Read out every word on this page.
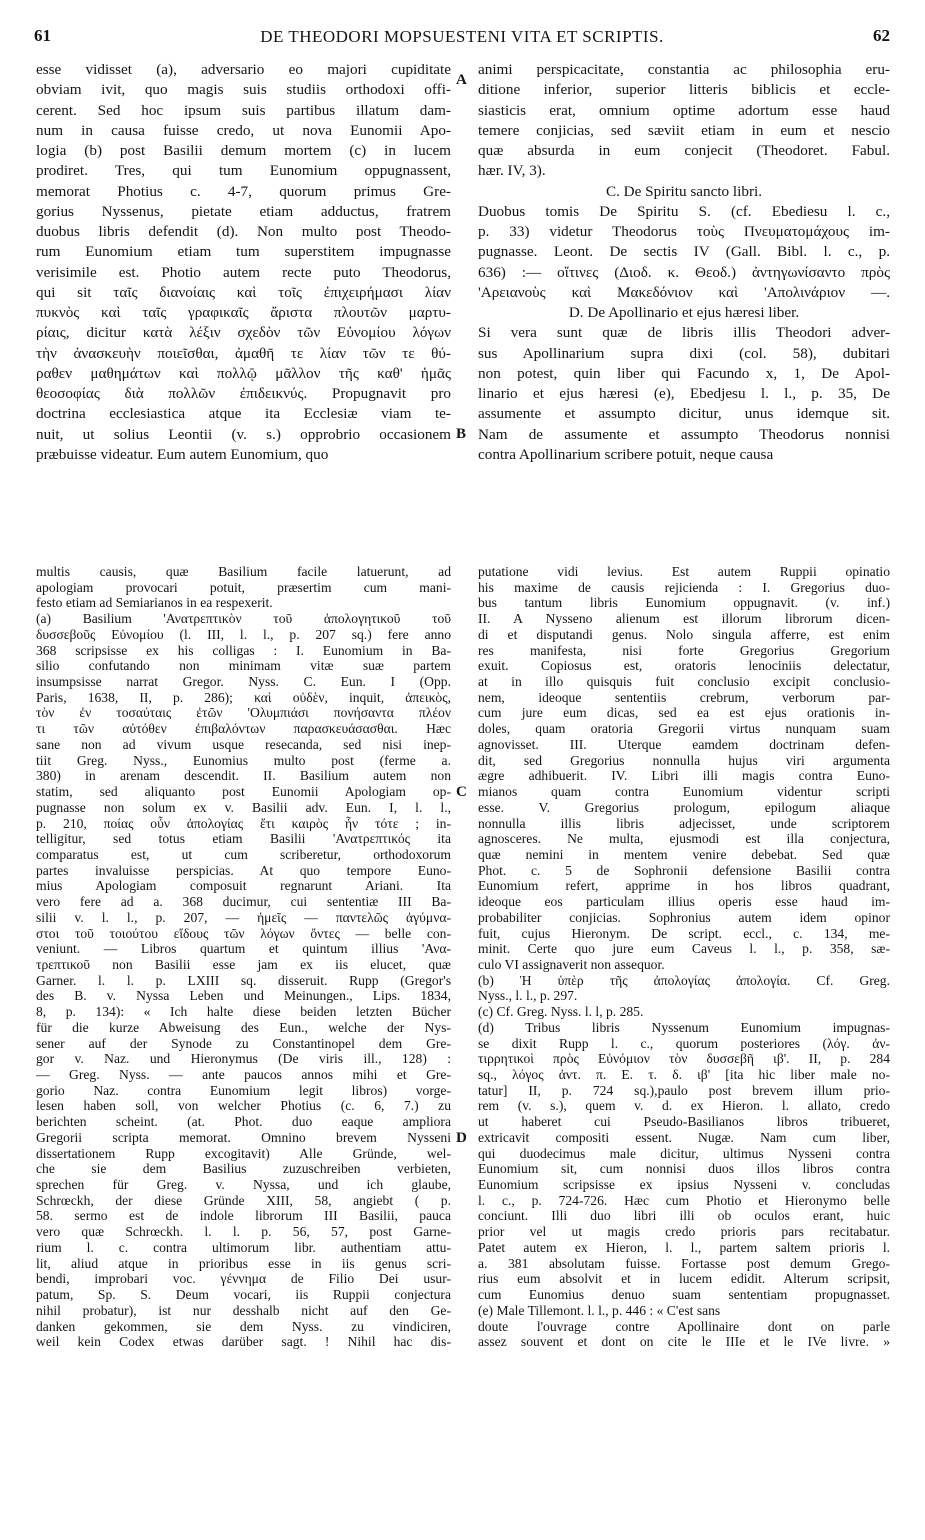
61	DE THEODORI MOPSUESTENI VITA ET SCRIPTIS.	62
esse vidisset (a), adversario eo majori cupiditate
obviam ivit, quo magis suis studiis orthodoxi offi-
cerent. Sed hoc ipsum suis partibus illatum dam-
num in causa fuisse credo, ut nova Eunomii Apo-
logia (b) post Basilii demum mortem (c) in lucem
prodiret. Tres, qui tum Eunomium oppugnassent,
memorat Photius c. 4-7, quorum primus Gre-
gorius Nyssenus, pietate etiam adductus, fratrem
duobus libris defendit (d). Non multo post Theodo-
rum Eunomium etiam tum superstitem impugnasse
verisimile est. Photio autem recte puto Theodorus,
qui sit ταῖς διανοίαις καὶ τοῖς ἐπιχειρήμασι λίαν
πυκνὸς καὶ ταῖς γραφικαῖς ἄριστα πλουτῶν μαρτυ-
ρίαις, dicitur κατὰ λέξιν σχεδὸν τῶν Εὐνομίου λόγων
τὴν ἀνασκευὴν ποιεῖσθαι, ἀμαθῆ τε λίαν τῶν τε θύ-
ραθεν μαθημάτων καὶ πολλῷ μᾶλλον τῆς καθ' ἡμᾶς
θεοσοφίας διὰ πολλῶν ἐπιδεικνύς. Propugnavit pro
doctrina ecclesiastica atque ita Ecclesiæ viam te-
nuit, ut solius Leontii (v. s.) opprobrio occasionem
præbuisse videatur. Eum autem Eunomium, quo
animi perspicacitate, constantia ac philosophia eru-
ditione inferior, superior litteris biblicis et eccle-
siasticis erat, omnium optime adortum esse haud
temere conjicias, sed sæviit etiam in eum et nescio
quæ absurda in eum conjecit (Theodoret. Fabul.
hær. IV, 3).
C. De Spiritu sancto libri.
Duobus tomis De Spiritu S. (cf. Ebediesu l. c.,
p. 33) videtur Theodorus τοὺς Πνευματομάχους im-
pugnasse. Leont. De sectis IV (Gall. Bibl. l. c., p.
636) :— οἵτινες (Διοδ. κ. Θεοδ.) ἀντηγωνίσαντο πρὸς
'Αρειανοὺς καὶ Μακεδόνιον καὶ 'Απολινάριον —.
D. De Apollinario et ejus hæresi liber.
Si vera sunt quæ de libris illis Theodori adver-
sus Apollinarium supra dixi (col. 58), dubitari
non potest, quin liber qui Facundo x, 1, De Apol-
linario et ejus hæresi (e), Ebedjesu l. l., p. 35, De
assumente et assumpto dicitur, unus idemque sit.
Nam de assumente et assumpto Theodorus nonnisi
contra Apollinarium scribere potuit, neque causa
multis causis, quæ Basilium facile latuerunt, ad
apologiam provocari potuit, præsertim cum mani-
festo etiam ad Semiarianos in ea respexerit.
(a) Basilium 'Ανατρεπτικὸν τοῦ ἀπολογητικοῦ τοῦ
δυσσεβοῦς Εὐνομίου (l. III, l. l., p. 207 sq.) fere anno
368 scripsisse ex his colligas : I. Eunomium in Ba-
silio confutando non minimam vitæ suæ partem
insumpsisse narrat Gregor. Nyss. C. Eun. I (Opp.
Paris, 1638, II, p. 286); καὶ οὐδὲν, inquit, ἀπεικὸς,
τὸν ἐν τοσαύταις ἐτῶν 'Ολυμπιάσι πονήσαντα πλέον
τι τῶν αὐτόθεν ἐπιβαλόντων παρασκευάσασθαι. Hæc
sane non ad vivum usque resecanda, sed nisi inep-
tiit Greg. Nyss., Eunomius multo post (ferme a.
380) in arenam descendit. II. Basilium autem non
statim, sed aliquanto post Eunomii Apologiam op-
pugnasse non solum ex v. Basilii adv. Eun. I, l. l.,
p. 210, ποίας οὖν ἀπολογίας ἔτι καιρὸς ἦν τότε ; in-
telligitur, sed totus etiam Basilii 'Ανατρεπτικός ita
comparatus est, ut cum scriberetur, orthodoxorum
partes invaluisse perspicias. At quo tempore Euno-
mius Apologiam composuit regnarunt Ariani. Ita
vero fere ad a. 368 ducimur, cui sententiæ III Ba-
silii v. l. l., p. 207, — ἡμεῖς — παντελῶς ἀγύμνα-
στοι τοῦ τοιούτου εἴδους τῶν λόγων ὄντες — belle con-
veniunt. — Libros quartum et quintum illius 'Ανα-
τρεπτικοῦ non Basilii esse jam ex iis elucet, quæ
Garner. l. l. p. LXIII sq. disseruit. Rupp (Gregor's
des B. v. Nyssa Leben und Meinungen., Lips. 1834,
8, p. 134): « Ich halte diese beiden letzten Bücher
für die kurze Abweisung des Eun., welche der Nys-
sener auf der Synode zu Constantinopel dem Gre-
gor v. Naz. und Hieronymus (De viris ill., 128) :
— Greg. Nyss. — ante paucos annos mihi et Gre-
gorio Naz. contra Eunomium legit libros) vorge-
lesen haben soll, von welcher Photius (c. 6, 7.) zu
berichten scheint. (at. Phot. duo eaque ampliora
Gregorii scripta memorat. Omnino brevem Nysseni
dissertationem Rupp excogitavit) Alle Gründe, wel-
che sie dem Basilius zuzuschreiben verbieten,
sprechen für Greg. v. Nyssa, und ich glaube,
Schrœckh, der diese Gründe XIII, 58, angiebt ( p.
58. sermo est de indole librorum III Basilii, pauca
vero quæ Schrœckh. l. l. p. 56, 57, post Garne-
rium l. c. contra ultimorum libr. authentiam attu-
lit, aliud atque in prioribus esse in iis genus scri-
bendi, improbari voc. γέννημα de Filio Dei usur-
patum, Sp. S. Deum vocari, iis Ruppii conjectura
nihil probatur), ist nur desshalb nicht auf den Ge-
danken gekommen, sie dem Nyss. zu vindiciren,
weil kein Codex etwas darüber sagt. ! Nihil hac dis-
putatione vidi levius. Est autem Ruppii opinatio
his maxime de causis rejicienda : I. Gregorius duo-
bus tantum libris Eunomium oppugnavit. (v. inf.)
II. A Nysseno alienum est illorum librorum dicen-
di et disputandi genus. Nolo singula afferre, est enim
res manifesta, nisi forte Gregorius Gregorium
exuit. Copiosus est, oratoris lenociniis delectatur,
at in illo quisquis fuit conclusio excipit conclusio-
nem, ideoque sententiis crebrum, verborum par-
cum jure eum dicas, sed ea est ejus orationis in-
doles, quam oratoria Gregorii virtus nunquam suam
agnovisset. III. Uterque eamdem doctrinam defen-
dit, sed Gregorius nonnulla hujus viri argumenta
ægre adhibuerit. IV. Libri illi magis contra Euno-
mianos quam contra Eunomium videntur scripti
esse. V. Gregorius prologum, epilogum aliaque
nonnulla illis libris adjecisset, unde scriptorem
agnosceres. Ne multa, ejusmodi est illa conjectura,
quæ nemini in mentem venire debebat. Sed quæ
Phot. c. 5 de Sophronii defensione Basilii contra
Eunomium refert, apprime in hos libros quadrant,
ideoque eos particulam illius operis esse haud im-
probabiliter conjicias. Sophronius autem idem opinor
fuit, cujus Hieronym. De script. eccl., c. 134, me-
minit. Certe quo jure eum Caveus l. l., p. 358, sæ-
culo VI assignaverit non assequor.
(b) Ἡ ὑπὲρ τῆς ἀπολογίας ἀπολογία. Cf. Greg.
Nyss., l. l., p. 297.
(c) Cf. Greg. Nyss. l. l, p. 285.
(d) Tribus libris Nyssenum Eunomium impugnas-
se dixit Rupp l. c., quorum posteriores (λόγ. ἀν-
τιρρητικοὶ πρὸς Εὐνόμιον τὸν δυσσεβῆ ιβ'. II, p. 284
sq., λόγος ἀντ. π. Ε. τ. δ. ιβ' [ita hic liber male no-
tatur] II, p. 724 sq.),paulo post brevem illum prio-
rem (v. s.), quem v. d. ex Hieron. l. allato, credo
ut haberet cui Pseudo-Basilianos libros tribueret,
extricavit compositi essent. Nugæ. Nam cum liber,
qui duodecimus male dicitur, ultimus Nysseni contra
Eunomium sit, cum nonnisi duos illos libros contra
Eunomium scripsisse ex ipsius Nysseni v. concludas
l. c., p. 724-726. Hæc cum Photio et Hieronymo belle
conciunt. Illi duo libri illi ob oculos erant, huic
prior vel ut magis credo prioris pars recitabatur.
Patet autem ex Hieron, l. l., partem saltem prioris l.
a. 381 absolutam fuisse. Fortasse post demum Grego-
rius eum absolvit et in lucem edidit. Alterum scripsit,
cum Eunomius denuo suam sententiam propugnasset.
(e) Male Tillemont. l. l., p. 446 : « C'est sans
doute l'ouvrage contre Apollinaire dont on parle
assez souvent et dont on cite le IIIe et le IVe livre. »
A
B
C
D
